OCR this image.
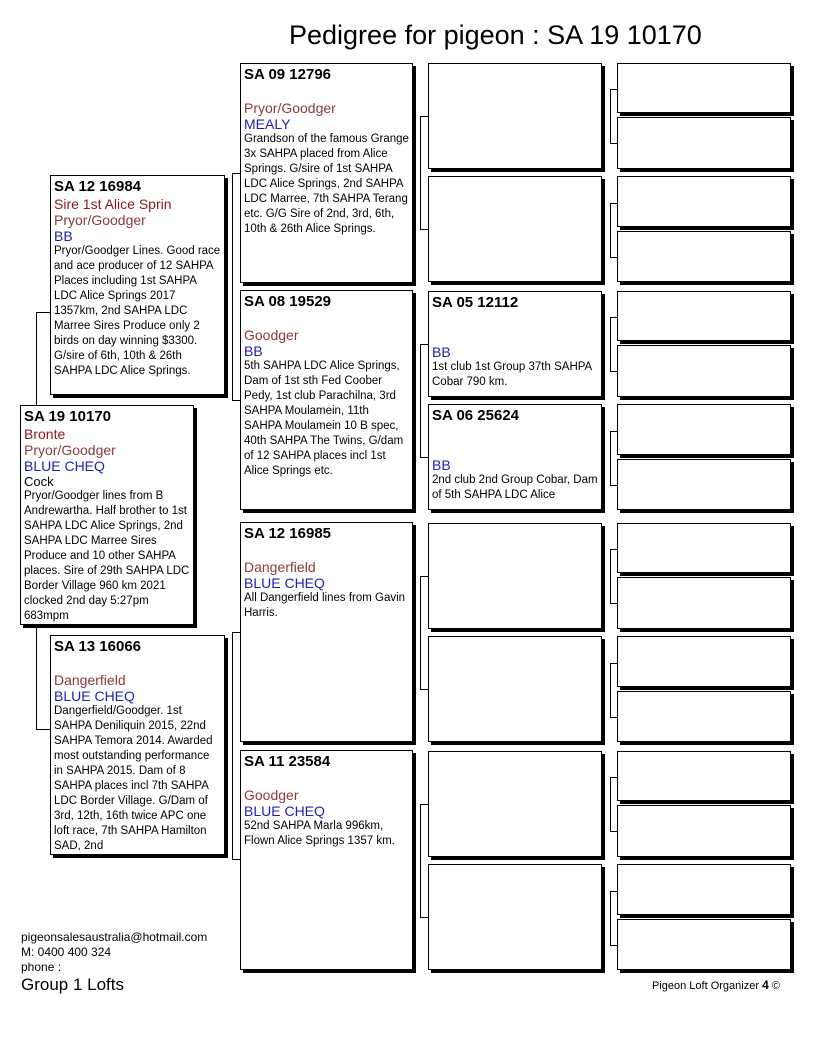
Pedigree for pigeon : SA 19 10170
SA 19 10170
Bronte
Pryor/Goodger
BLUE CHEQ
Cock
Pryor/Goodger lines from B Andrewartha. Half brother to 1st SAHPA LDC Alice Springs, 2nd SAHPA LDC Marree Sires Produce and 10 other SAHPA places. Sire of 29th SAHPA LDC Border Village 960 km 2021 clocked 2nd day 5:27pm 683mpm
SA 12 16984
Sire 1st Alice Sprin
Pryor/Goodger
BB
Pryor/Goodger Lines. Good race and ace producer of 12 SAHPA Places including 1st SAHPA LDC Alice Springs 2017 1357km, 2nd SAHPA LDC Marree Sires Produce only 2 birds on day winning $3300. G/sire of 6th, 10th & 26th SAHPA LDC Alice Springs.
SA 13 16066
Dangerfield
BLUE CHEQ
Dangerfield/Goodger. 1st SAHPA Deniliquin 2015, 22nd SAHPA Temora 2014. Awarded most outstanding performance in SAHPA 2015. Dam of 8 SAHPA places incl 7th SAHPA LDC Border Village. G/Dam of 3rd, 12th, 16th twice APC one loft race, 7th SAHPA Hamilton SAD, 2nd
SA 09 12796
Pryor/Goodger
MEALY
Grandson of the famous Grange 3x SAHPA placed from Alice Springs. G/sire of 1st SAHPA LDC Alice Springs, 2nd SAHPA LDC Marree, 7th SAHPA Terang etc. G/G Sire of 2nd, 3rd, 6th, 10th & 26th Alice Springs.
SA 08 19529
Goodger
BB
5th SAHPA LDC Alice Springs, Dam of 1st sth Fed Coober Pedy, 1st club Parachilna, 3rd SAHPA Moulamein, 11th SAHPA Moulamein 10 B spec, 40th SAHPA The Twins, G/dam of 12 SAHPA places incl 1st Alice Springs etc.
SA 12 16985
Dangerfield
BLUE CHEQ
All Dangerfield lines from Gavin Harris.
SA 11 23584
Goodger
BLUE CHEQ
52nd SAHPA Marla 996km, Flown Alice Springs 1357 km.
SA 05 12112
BB
1st club 1st Group 37th SAHPA Cobar 790 km.
SA 06 25624
BB
2nd club 2nd Group Cobar, Dam of 5th SAHPA LDC Alice
pigeonsalesaustralia@hotmail.com
M: 0400 400 324
phone :
Group 1 Lofts	Pigeon Loft Organizer 4 ©
